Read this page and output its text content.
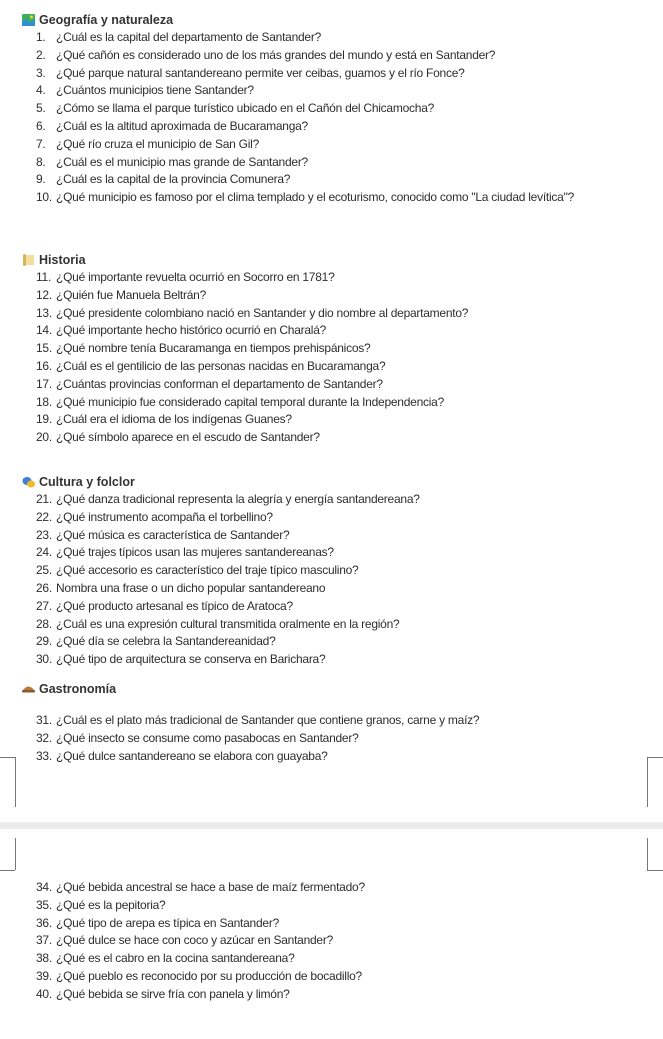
Geografía y naturaleza
1. ¿Cuál es la capital del departamento de Santander?
2. ¿Qué cañón es considerado uno de los más grandes del mundo y está en Santander?
3. ¿Qué parque natural santandereano permite ver ceibas, guamos y el río Fonce?
4. ¿Cuántos municipios tiene Santander?
5. ¿Cómo se llama el parque turístico ubicado en el Cañón del Chicamocha?
6. ¿Cuál es la altitud aproximada de Bucaramanga?
7. ¿Qué río cruza el municipio de San Gil?
8. ¿Cuál es el municipio mas grande de Santander?
9. ¿Cuál es la capital de la provincia Comunera?
10. ¿Qué municipio es famoso por el clima templado y el ecoturismo, conocido como "La ciudad levítica"?
Historia
11. ¿Qué importante revuelta ocurrió en Socorro en 1781?
12. ¿Quién fue Manuela Beltrán?
13. ¿Qué presidente colombiano nació en Santander y dio nombre al departamento?
14. ¿Qué importante hecho histórico ocurrió en Charalá?
15. ¿Qué nombre tenía Bucaramanga en tiempos prehispánicos?
16. ¿Cuál es el gentilicio de las personas nacidas en Bucaramanga?
17. ¿Cuántas provincias conforman el departamento de Santander?
18. ¿Qué municipio fue considerado capital temporal durante la Independencia?
19. ¿Cuál era el idioma de los indígenas Guanes?
20. ¿Qué símbolo aparece en el escudo de Santander?
Cultura y folclor
21. ¿Qué danza tradicional representa la alegría y energía santandereana?
22. ¿Qué instrumento acompaña el torbellino?
23. ¿Qué música es característica de Santander?
24. ¿Qué trajes típicos usan las mujeres santandereanas?
25. ¿Qué accesorio es característico del traje típico masculino?
26. Nombra una frase o un dicho popular santandereano
27. ¿Qué producto artesanal es típico de Aratoca?
28. ¿Cuál es una expresión cultural transmitida oralmente en la región?
29. ¿Qué día se celebra la Santandereanidad?
30. ¿Qué tipo de arquitectura se conserva en Barichara?
Gastronomía
31. ¿Cuál es el plato más tradicional de Santander que contiene granos, carne y maíz?
32. ¿Qué insecto se consume como pasabocas en Santander?
33. ¿Qué dulce santandereano se elabora con guayaba?
34. ¿Qué bebida ancestral se hace a base de maíz fermentado?
35. ¿Qué es la pepitoria?
36. ¿Qué tipo de arepa es típica en Santander?
37. ¿Qué dulce se hace con coco y azúcar en Santander?
38. ¿Qué es el cabro en la cocina santandereana?
39. ¿Qué pueblo es reconocido por su producción de bocadillo?
40. ¿Qué bebida se sirve fría con panela y limón?
